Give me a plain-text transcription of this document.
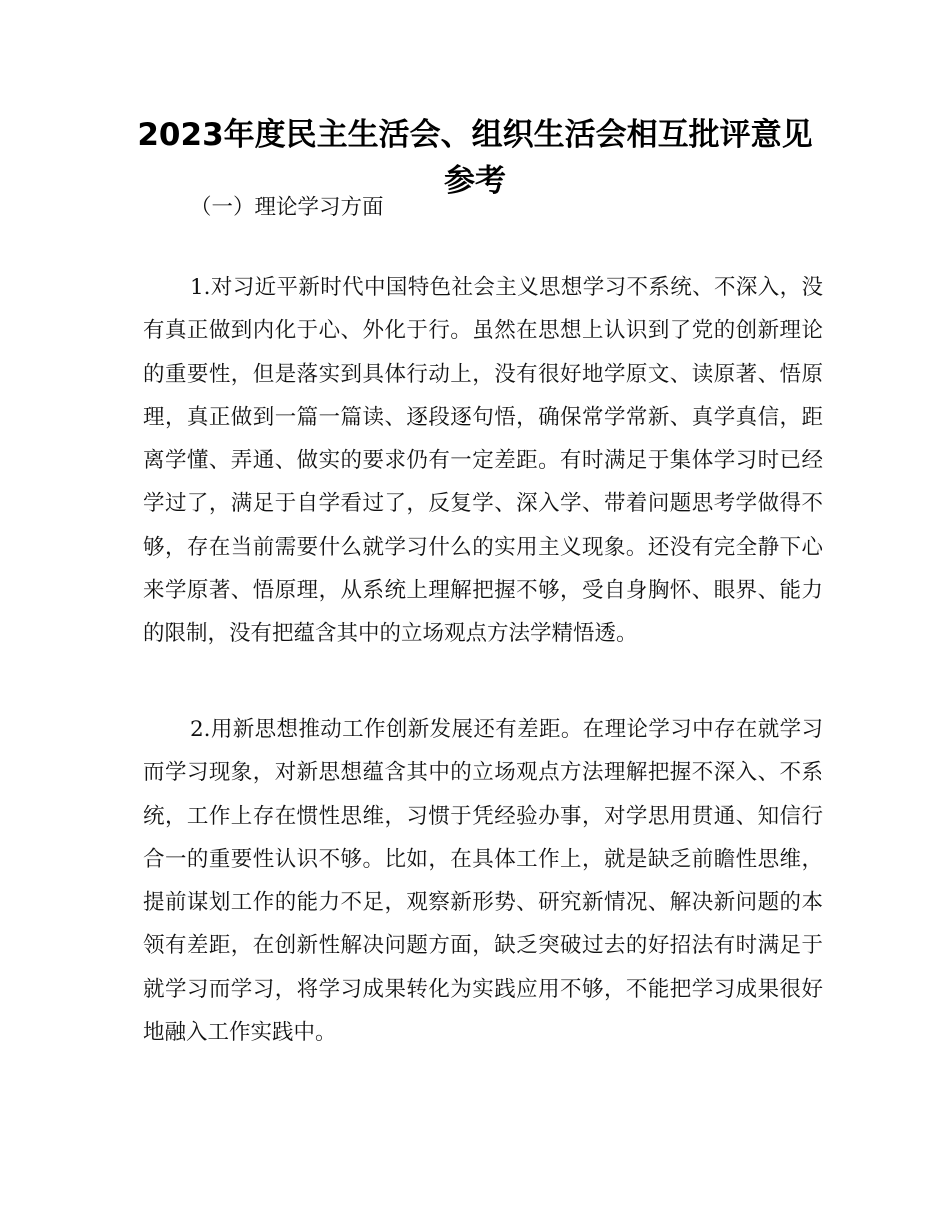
2023年度民主生活会、组织生活会相互批评意见参考

（一）理论学习方面

1.对习近平新时代中国特色社会主义思想学习不系统、不深入，没有真正做到内化于心、外化于行。虽然在思想上认识到了党的创新理论的重要性，但是落实到具体行动上，没有很好地学原文、读原著、悟原理，真正做到一篇一篇读、逐段逐句悟，确保常学常新、真学真信，距离学懂、弄通、做实的要求仍有一定差距。有时满足于集体学习时已经学过了，满足于自学看过了，反复学、深入学、带着问题思考学做得不够，存在当前需要什么就学习什么的实用主义现象。还没有完全静下心来学原著、悟原理，从系统上理解把握不够，受自身胸怀、眼界、能力的限制，没有把蕴含其中的立场观点方法学精悟透。

2.用新思想推动工作创新发展还有差距。在理论学习中存在就学习而学习现象，对新思想蕴含其中的立场观点方法理解把握不深入、不系统，工作上存在惯性思维，习惯于凭经验办事，对学思用贯通、知信行合一的重要性认识不够。比如，在具体工作上，就是缺乏前瞻性思维，提前谋划工作的能力不足，观察新形势、研究新情况、解决新问题的本领有差距，在创新性解决问题方面，缺乏突破过去的好招法有时满足于就学习而学习，将学习成果转化为实践应用不够，不能把学习成果很好地融入工作实践中。
